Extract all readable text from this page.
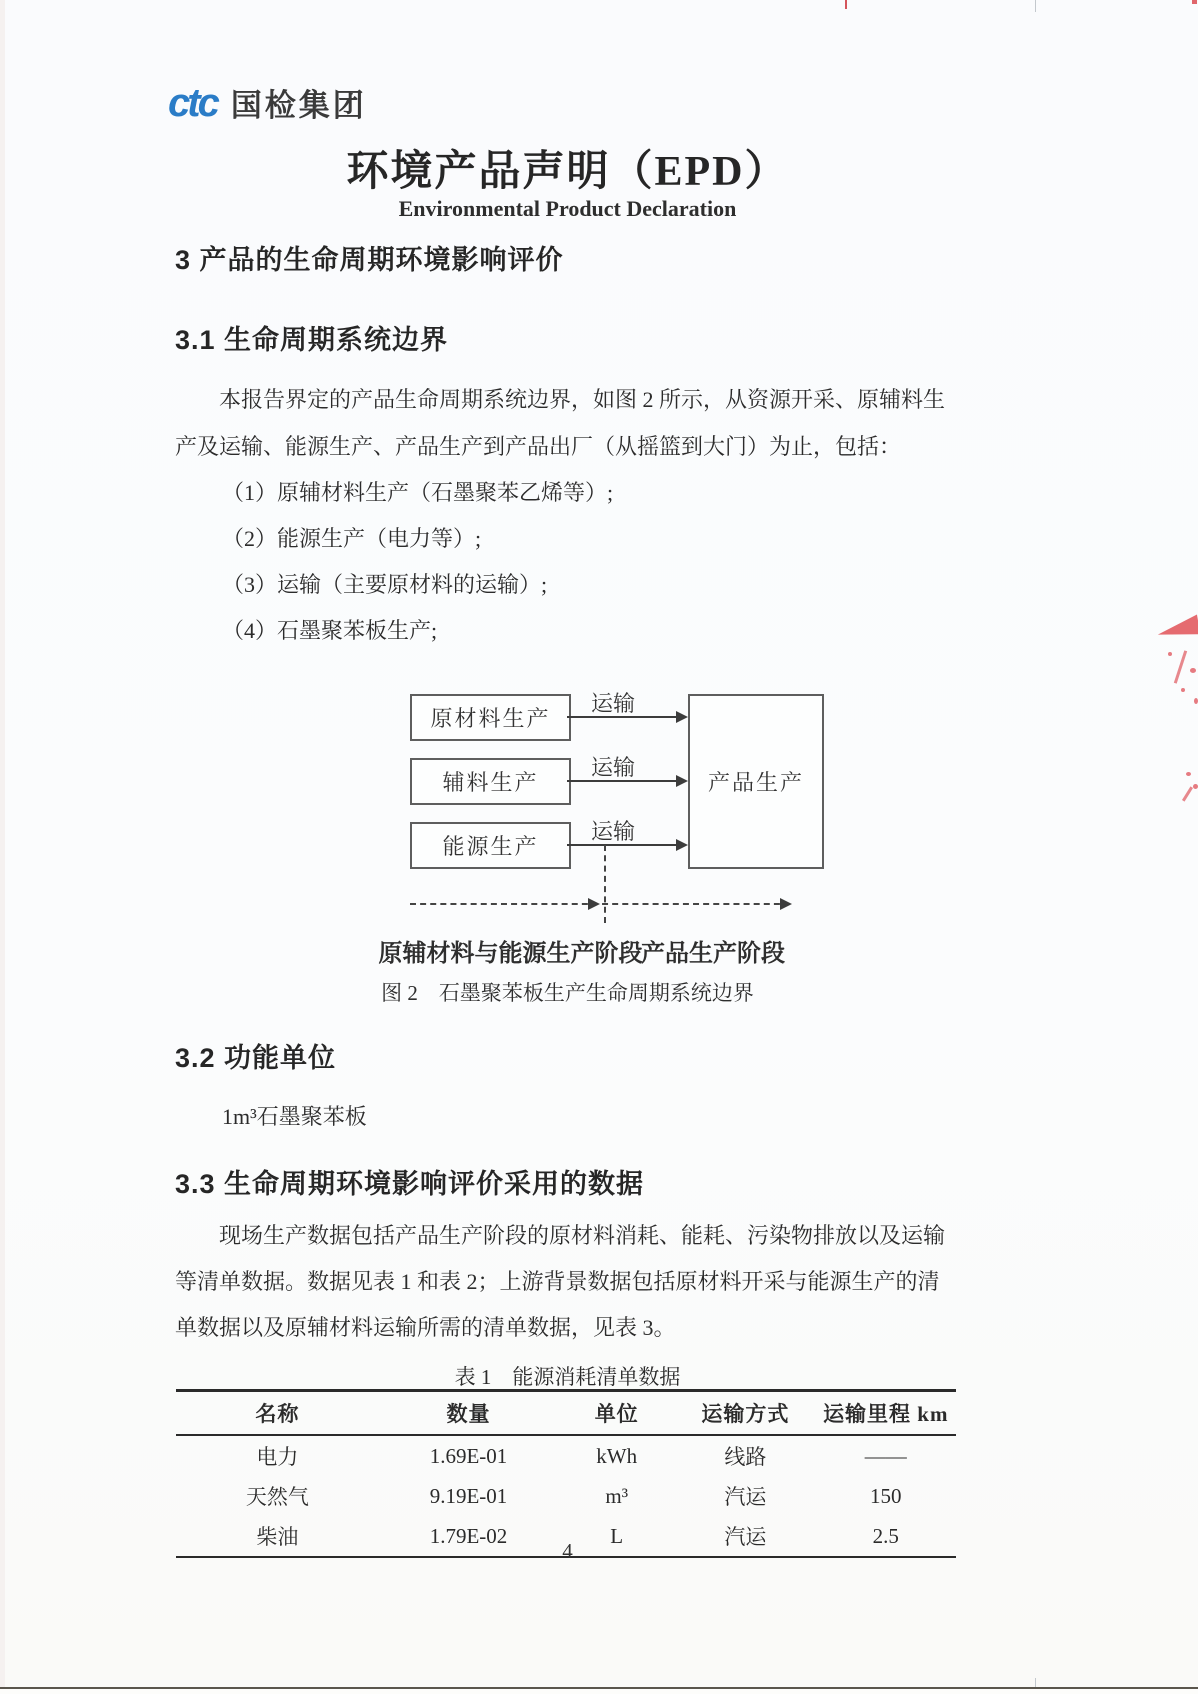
ctc 国检集团
环境产品声明（EPD）
Environmental Product Declaration
3 产品的生命周期环境影响评价
3.1 生命周期系统边界
本报告界定的产品生命周期系统边界，如图 2 所示，从资源开采、原辅料生
产及运输、能源生产、产品生产到产品出厂（从摇篮到大门）为止，包括：
（1）原辅材料生产（石墨聚苯乙烯等）;
（2）能源生产（电力等）;
（3）运输（主要原材料的运输）;
（4）石墨聚苯板生产;
原材料生产
辅料生产
能源生产
产品生产
运输
运输
运输
原辅材料与能源生产阶段
产品生产阶段
图 2　石墨聚苯板生产生命周期系统边界
3.2 功能单位
1m³石墨聚苯板
3.3 生命周期环境影响评价采用的数据
现场生产数据包括产品生产阶段的原材料消耗、能耗、污染物排放以及运输
等清单数据。数据见表 1 和表 2；上游背景数据包括原材料开采与能源生产的清
单数据以及原辅材料运输所需的清单数据，见表 3。
表 1　能源消耗清单数据
名称	数量	单位	运输方式	运输里程 km
电力	1.69E-01	kWh	线路	——
天然气	9.19E-01	m³	汽运	150
柴油	1.79E-02	L	汽运	2.5
4
